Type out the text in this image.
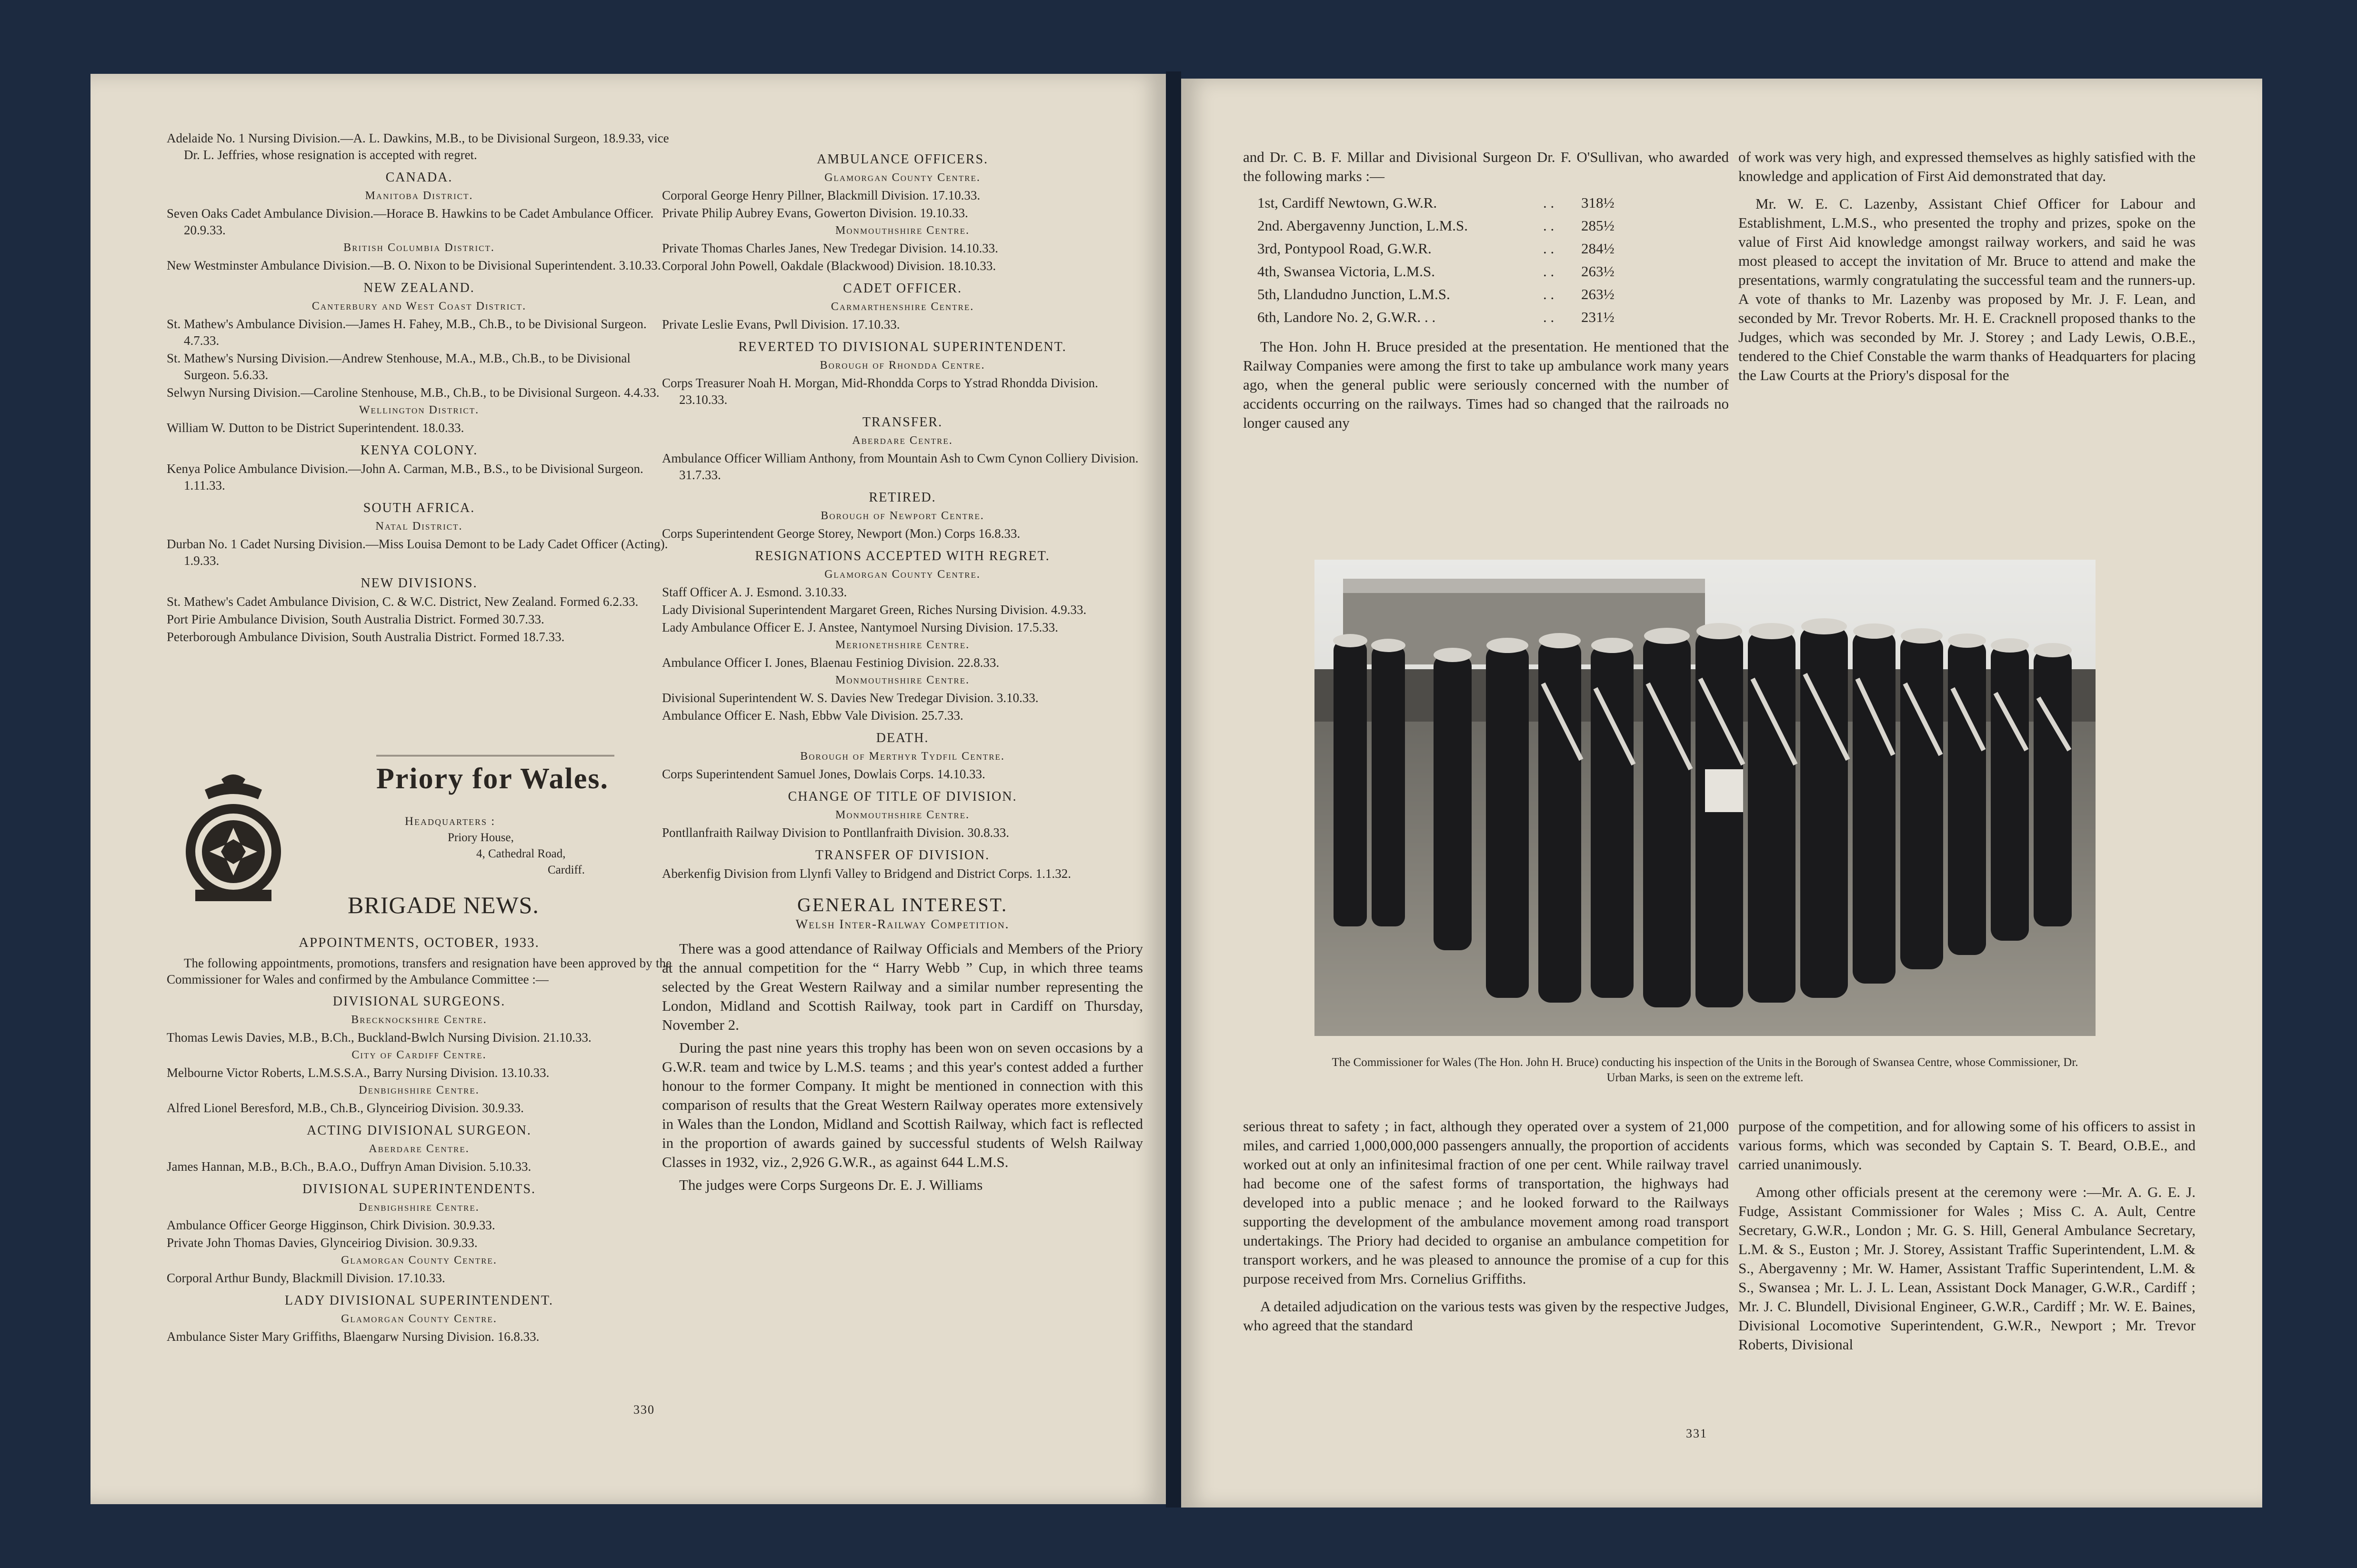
Adelaide No. 1 Nursing Division.—A. L. Dawkins, M.B., to be Divisional Surgeon, 18.9.33, vice Dr. L. Jeffries, whose resignation is accepted with regret.
CANADA.
Manitoba District.
Seven Oaks Cadet Ambulance Division.—Horace B. Hawkins to be Cadet Ambulance Officer. 20.9.33.
British Columbia District.
New Westminster Ambulance Division.—B. O. Nixon to be Divisional Superintendent. 3.10.33.
NEW ZEALAND.
Canterbury and West Coast District.
St. Mathew's Ambulance Division.—James H. Fahey, M.B., Ch.B., to be Divisional Surgeon. 4.7.33.
St. Mathew's Nursing Division.—Andrew Stenhouse, M.A., M.B., Ch.B., to be Divisional Surgeon. 5.6.33.
Selwyn Nursing Division.—Caroline Stenhouse, M.B., Ch.B., to be Divisional Surgeon. 4.4.33.
Wellington District.
William W. Dutton to be District Superintendent. 18.0.33.
KENYA COLONY.
Kenya Police Ambulance Division.—John A. Carman, M.B., B.S., to be Divisional Surgeon. 1.11.33.
SOUTH AFRICA.
Natal District.
Durban No. 1 Cadet Nursing Division.—Miss Louisa Demont to be Lady Cadet Officer (Acting). 1.9.33.
NEW DIVISIONS.
St. Mathew's Cadet Ambulance Division, C. & W.C. District, New Zealand. Formed 6.2.33.
Port Pirie Ambulance Division, South Australia District. Formed 30.7.33.
Peterborough Ambulance Division, South Australia District. Formed 18.7.33.
Priory for Wales.
Headquarters :
Priory House,
4, Cathedral Road,
Cardiff.
BRIGADE NEWS.
APPOINTMENTS, OCTOBER, 1933.
The following appointments, promotions, transfers and resignation have been approved by the Commissioner for Wales and confirmed by the Ambulance Committee :—
DIVISIONAL SURGEONS.
Brecknockshire Centre.
Thomas Lewis Davies, M.B., B.Ch., Buckland-Bwlch Nursing Division. 21.10.33.
City of Cardiff Centre.
Melbourne Victor Roberts, L.M.S.S.A., Barry Nursing Division. 13.10.33.
Denbighshire Centre.
Alfred Lionel Beresford, M.B., Ch.B., Glynceiriog Division. 30.9.33.
ACTING DIVISIONAL SURGEON.
Aberdare Centre.
James Hannan, M.B., B.Ch., B.A.O., Duffryn Aman Division. 5.10.33.
DIVISIONAL SUPERINTENDENTS.
Denbighshire Centre.
Ambulance Officer George Higginson, Chirk Division. 30.9.33.
Private John Thomas Davies, Glynceiriog Division. 30.9.33.
Glamorgan County Centre.
Corporal Arthur Bundy, Blackmill Division. 17.10.33.
LADY DIVISIONAL SUPERINTENDENT.
Glamorgan County Centre.
Ambulance Sister Mary Griffiths, Blaengarw Nursing Division. 16.8.33.
AMBULANCE OFFICERS.
Glamorgan County Centre.
Corporal George Henry Pillner, Blackmill Division. 17.10.33.
Private Philip Aubrey Evans, Gowerton Division. 19.10.33.
Monmouthshire Centre.
Private Thomas Charles Janes, New Tredegar Division. 14.10.33.
Corporal John Powell, Oakdale (Blackwood) Division. 18.10.33.
CADET OFFICER.
Carmarthenshire Centre.
Private Leslie Evans, Pwll Division. 17.10.33.
REVERTED TO DIVISIONAL SUPERINTENDENT.
Borough of Rhondda Centre.
Corps Treasurer Noah H. Morgan, Mid-Rhondda Corps to Ystrad Rhondda Division. 23.10.33.
TRANSFER.
Aberdare Centre.
Ambulance Officer William Anthony, from Mountain Ash to Cwm Cynon Colliery Division. 31.7.33.
RETIRED.
Borough of Newport Centre.
Corps Superintendent George Storey, Newport (Mon.) Corps 16.8.33.
RESIGNATIONS ACCEPTED WITH REGRET.
Glamorgan County Centre.
Staff Officer A. J. Esmond. 3.10.33.
Lady Divisional Superintendent Margaret Green, Riches Nursing Division. 4.9.33.
Lady Ambulance Officer E. J. Anstee, Nantymoel Nursing Division. 17.5.33.
Merionethshire Centre.
Ambulance Officer I. Jones, Blaenau Festiniog Division. 22.8.33.
Monmouthshire Centre.
Divisional Superintendent W. S. Davies New Tredegar Division. 3.10.33.
Ambulance Officer E. Nash, Ebbw Vale Division. 25.7.33.
DEATH.
Borough of Merthyr Tydfil Centre.
Corps Superintendent Samuel Jones, Dowlais Corps. 14.10.33.
CHANGE OF TITLE OF DIVISION.
Monmouthshire Centre.
Pontllanfraith Railway Division to Pontllanfraith Division. 30.8.33.
TRANSFER OF DIVISION.
Aberkenfig Division from Llynfi Valley to Bridgend and District Corps. 1.1.32.
GENERAL INTEREST.
Welsh Inter-Railway Competition.
There was a good attendance of Railway Officials and Members of the Priory at the annual competition for the “ Harry Webb ” Cup, in which three teams selected by the Great Western Railway and a similar number representing the London, Midland and Scottish Railway, took part in Cardiff on Thursday, November 2.
During the past nine years this trophy has been won on seven occasions by a G.W.R. team and twice by L.M.S. teams ; and this year's contest added a further honour to the former Company. It might be mentioned in connection with this comparison of results that the Great Western Railway operates more extensively in Wales than the London, Midland and Scottish Railway, which fact is reflected in the proportion of awards gained by successful students of Welsh Railway Classes in 1932, viz., 2,926 G.W.R., as against 644 L.M.S.
The judges were Corps Surgeons Dr. E. J. Williams
330
and Dr. C. B. F. Millar and Divisional Surgeon Dr. F. O'Sullivan, who awarded the following marks :—
1st, Cardiff Newtown, G.W.R.	. .	318½
2nd. Abergavenny Junction, L.M.S.	. .	285½
3rd, Pontypool Road, G.W.R.	. .	284½
4th, Swansea Victoria, L.M.S.	. .	263½
5th, Llandudno Junction, L.M.S.	. .	263½
6th, Landore No. 2, G.W.R. . .	. .	231½
The Hon. John H. Bruce presided at the presentation. He mentioned that the Railway Companies were among the first to take up ambulance work many years ago, when the general public were seriously concerned with the number of accidents occurring on the railways. Times had so changed that the railroads no longer caused any
of work was very high, and expressed themselves as highly satisfied with the knowledge and application of First Aid demonstrated that day.
Mr. W. E. C. Lazenby, Assistant Chief Officer for Labour and Establishment, L.M.S., who presented the trophy and prizes, spoke on the value of First Aid knowledge amongst railway workers, and said he was most pleased to accept the invitation of Mr. Bruce to attend and make the presentations, warmly congratulating the successful team and the runners-up. A vote of thanks to Mr. Lazenby was proposed by Mr. J. F. Lean, and seconded by Mr. Trevor Roberts. Mr. H. E. Cracknell proposed thanks to the Judges, which was seconded by Mr. J. Storey ; and Lady Lewis, O.B.E., tendered to the Chief Constable the warm thanks of Headquarters for placing the Law Courts at the Priory's disposal for the
The Commissioner for Wales (The Hon. John H. Bruce) conducting his inspection of the Units in the Borough of Swansea Centre, whose Commissioner, Dr. Urban Marks, is seen on the extreme left.
serious threat to safety ; in fact, although they operated over a system of 21,000 miles, and carried 1,000,000,000 passengers annually, the proportion of accidents worked out at only an infinitesimal fraction of one per cent. While railway travel had become one of the safest forms of transportation, the highways had developed into a public menace ; and he looked forward to the Railways supporting the development of the ambulance movement among road transport undertakings. The Priory had decided to organise an ambulance competition for transport workers, and he was pleased to announce the promise of a cup for this purpose received from Mrs. Cornelius Griffiths.
A detailed adjudication on the various tests was given by the respective Judges, who agreed that the standard
purpose of the competition, and for allowing some of his officers to assist in various forms, which was seconded by Captain S. T. Beard, O.B.E., and carried unanimously.
Among other officials present at the ceremony were :—Mr. A. G. E. J. Fudge, Assistant Commissioner for Wales ; Miss C. A. Ault, Centre Secretary, G.W.R., London ; Mr. G. S. Hill, General Ambulance Secretary, L.M. & S., Euston ; Mr. J. Storey, Assistant Traffic Superintendent, L.M. & S., Abergavenny ; Mr. W. Hamer, Assistant Traffic Superintendent, L.M. & S., Swansea ; Mr. L. J. L. Lean, Assistant Dock Manager, G.W.R., Cardiff ; Mr. J. C. Blundell, Divisional Engineer, G.W.R., Cardiff ; Mr. W. E. Baines, Divisional Locomotive Superintendent, G.W.R., Newport ; Mr. Trevor Roberts, Divisional
331
